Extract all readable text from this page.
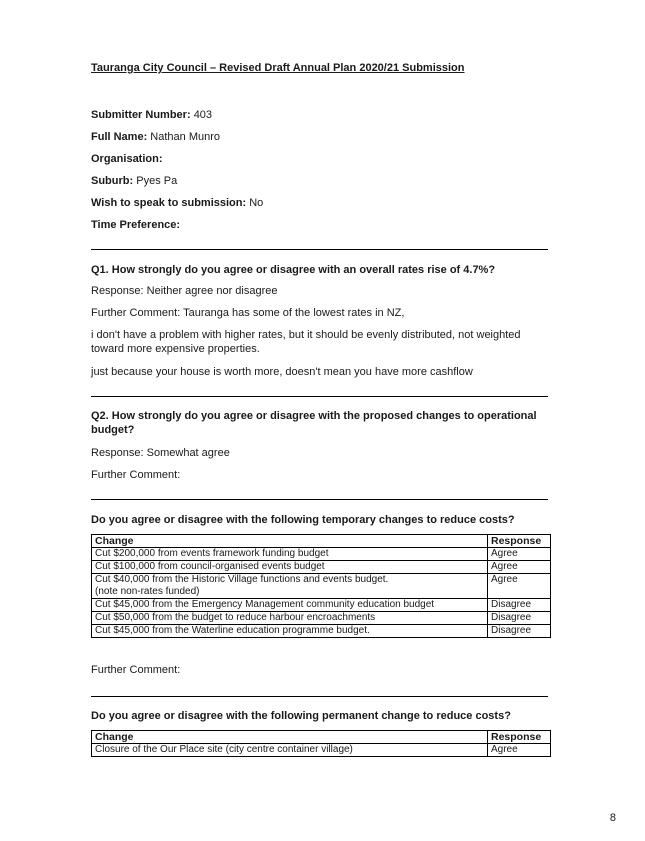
Tauranga City Council – Revised Draft Annual Plan 2020/21 Submission
Submitter Number: 403
Full Name: Nathan Munro
Organisation:
Suburb: Pyes Pa
Wish to speak to submission: No
Time Preference:
Q1. How strongly do you agree or disagree with an overall rates rise of 4.7%?
Response: Neither agree nor disagree
Further Comment: Tauranga has some of the lowest rates in NZ,
i don't have a problem with higher rates, but it should be evenly distributed, not weighted toward more expensive properties.
just because your house is worth more, doesn't mean you have more cashflow
Q2. How strongly do you agree or disagree with the proposed changes to operational budget?
Response: Somewhat agree
Further Comment:
Do you agree or disagree with the following temporary changes to reduce costs?
Change	Response
Cut $200,000 from events framework funding budget	Agree
Cut $100,000 from council-organised events budget	Agree

Cut $40,000 from the Historic Village functions and events budget.
(note non-rates funded)	Agree
Cut $45,000 from the Emergency Management community education budget	Disagree
Cut $50,000 from the budget to reduce harbour encroachments	Disagree
Cut $45,000 from the Waterline education programme budget.	Disagree
Further Comment:
Do you agree or disagree with the following permanent change to reduce costs?
Change	Response
Closure of the Our Place site (city centre container village)	Agree
8
